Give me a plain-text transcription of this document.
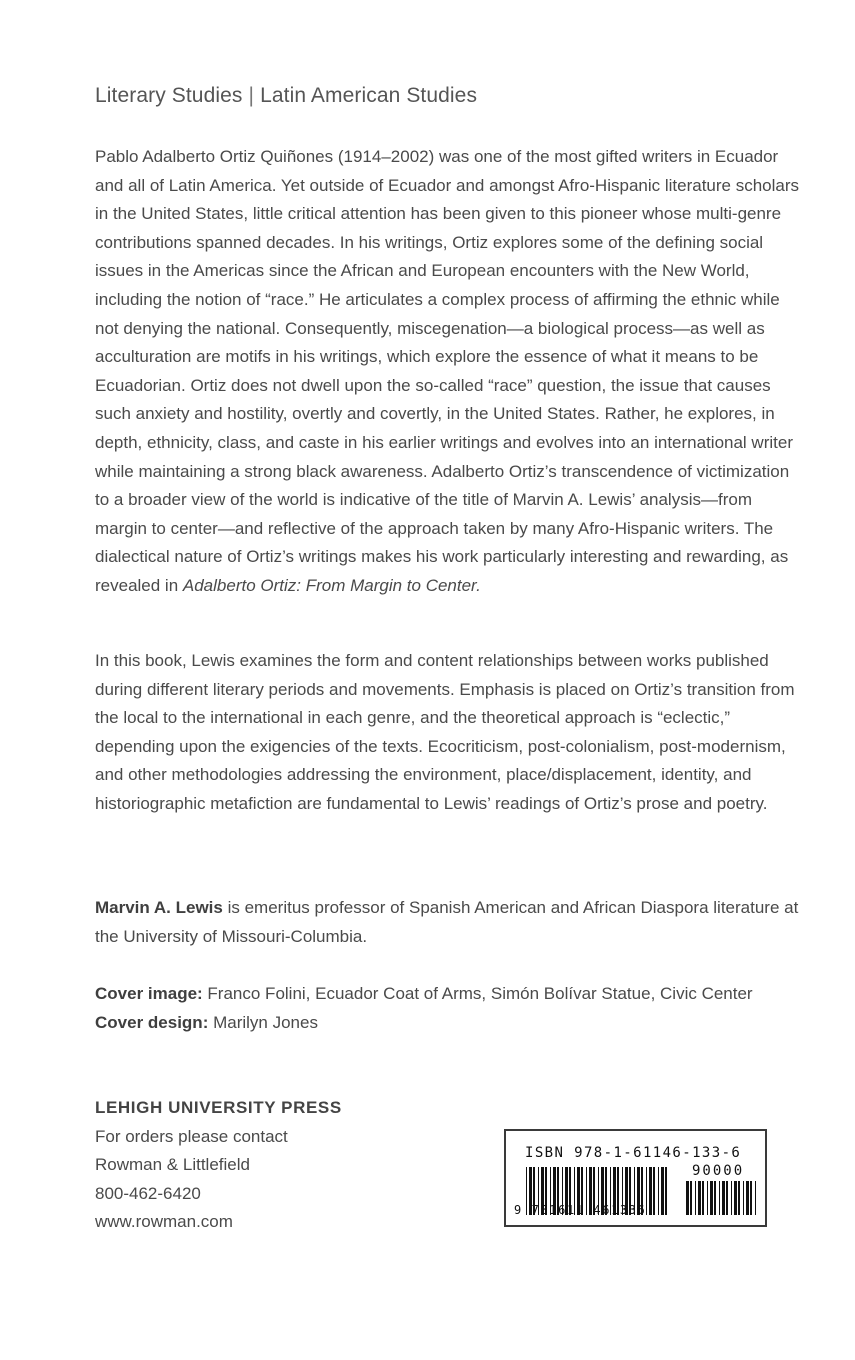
Literary Studies | Latin American Studies

Pablo Adalberto Ortiz Quiñones (1914–2002) was one of the most gifted writers in Ecuador and all of Latin America. Yet outside of Ecuador and amongst Afro-Hispanic literature scholars in the United States, little critical attention has been given to this pioneer whose multi-genre contributions spanned decades. In his writings, Ortiz explores some of the defining social issues in the Americas since the African and European encounters with the New World, including the notion of “race.” He articulates a complex process of affirming the ethnic while not denying the national. Consequently, miscegenation—a biological process—as well as acculturation are motifs in his writings, which explore the essence of what it means to be Ecuadorian. Ortiz does not dwell upon the so-called “race” question, the issue that causes such anxiety and hostility, overtly and covertly, in the United States. Rather, he explores, in depth, ethnicity, class, and caste in his earlier writings and evolves into an international writer while maintaining a strong black awareness. Adalberto Ortiz’s transcendence of victimization to a broader view of the world is indicative of the title of Marvin A. Lewis’ analysis—from margin to center—and reflective of the approach taken by many Afro-Hispanic writers. The dialectical nature of Ortiz’s writings makes his work particularly interesting and rewarding, as revealed in Adalberto Ortiz: From Margin to Center.

In this book, Lewis examines the form and content relationships between works published during different literary periods and movements. Emphasis is placed on Ortiz’s transition from the local to the international in each genre, and the theoretical approach is “eclectic,” depending upon the exigencies of the texts. Ecocriticism, post-colonialism, post-modernism, and other methodologies addressing the environment, place/displacement, identity, and historiographic metafiction are fundamental to Lewis’ readings of Ortiz’s prose and poetry.

Marvin A. Lewis is emeritus professor of Spanish American and African Diaspora literature at the University of Missouri-Columbia.

Cover image: Franco Folini, Ecuador Coat of Arms, Simón Bolívar Statue, Civic Center
Cover design: Marilyn Jones
LEHIGH UNIVERSITY PRESS
For orders please contact
Rowman & Littlefield
800-462-6420
www.rowman.com
ISBN 978-1-61146-133-6
90000
9 781611 461336
